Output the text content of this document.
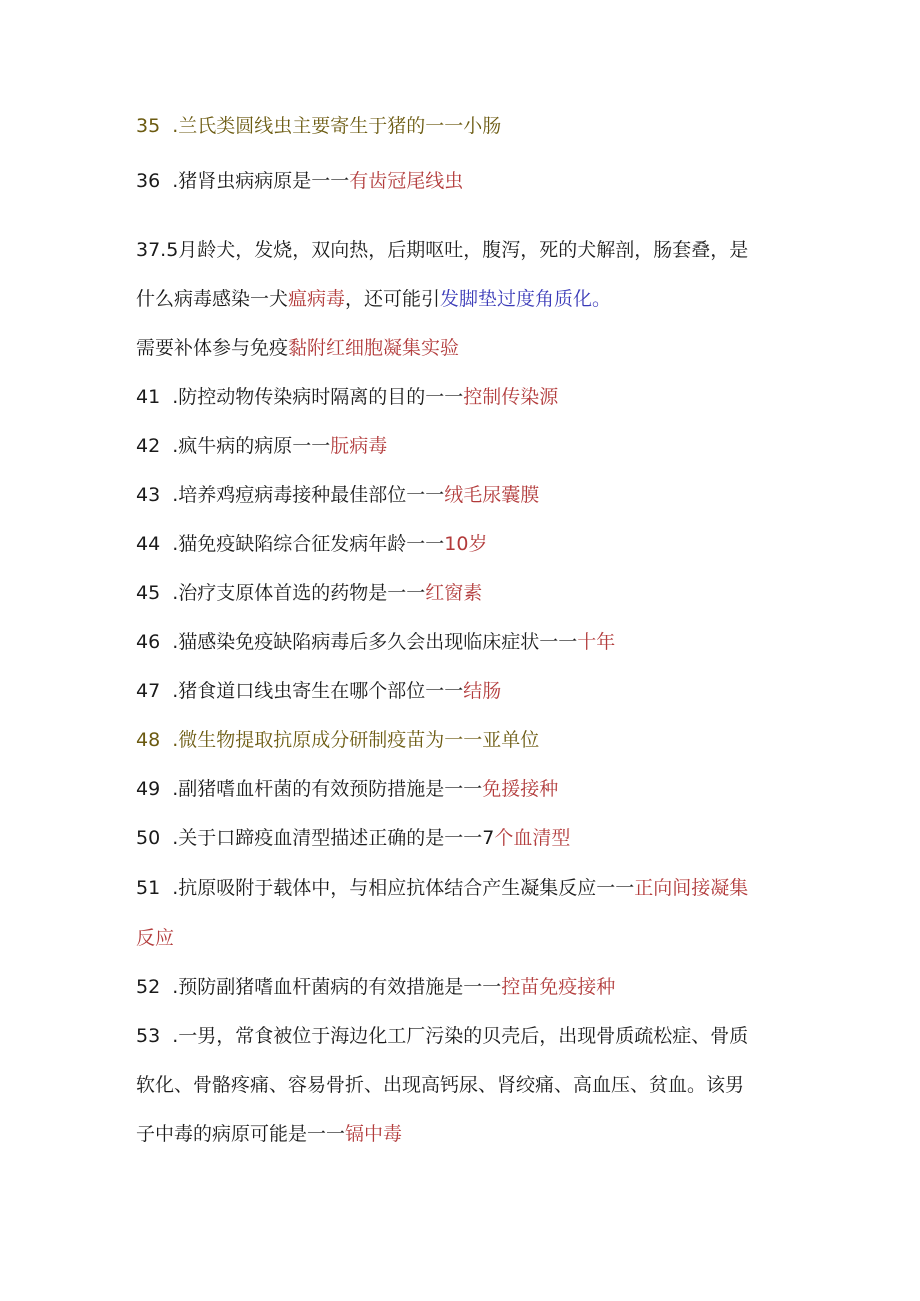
35  .兰氏类圆线虫主要寄生于猪的一一小肠
36  .猪肾虫病病原是一一有齿冠尾线虫
37.5月龄犬，发烧，双向热，后期呕吐，腹泻，死的犬解剖，肠套叠，是
什么病毒感染一犬瘟病毒，还可能引发脚垫过度角质化。
需要补体参与免疫黏附红细胞凝集实验
41  .防控动物传染病时隔离的目的一一控制传染源
42  .疯牛病的病原一一朊病毒
43  .培养鸡痘病毒接种最佳部位一一绒毛尿囊膜
44  .猫免疫缺陷综合征发病年龄一一10岁
45  .治疗支原体首选的药物是一一红窗素
46  .猫感染免疫缺陷病毒后多久会出现临床症状一一十年
47  .猪食道口线虫寄生在哪个部位一一结肠
48  .微生物提取抗原成分研制疫苗为一一亚单位
49  .副猪嗜血杆菌的有效预防措施是一一免援接种
50  .关于口蹄疫血清型描述正确的是一一7个血清型
51  .抗原吸附于载体中，与相应抗体结合产生凝集反应一一正向间接凝集
反应
52  .预防副猪嗜血杆菌病的有效措施是一一控苗免疫接种
53  .一男，常食被位于海边化工厂污染的贝壳后，出现骨质疏松症、骨质
软化、骨骼疼痛、容易骨折、出现高钙尿、肾绞痛、高血压、贫血。该男
子中毒的病原可能是一一镉中毒
